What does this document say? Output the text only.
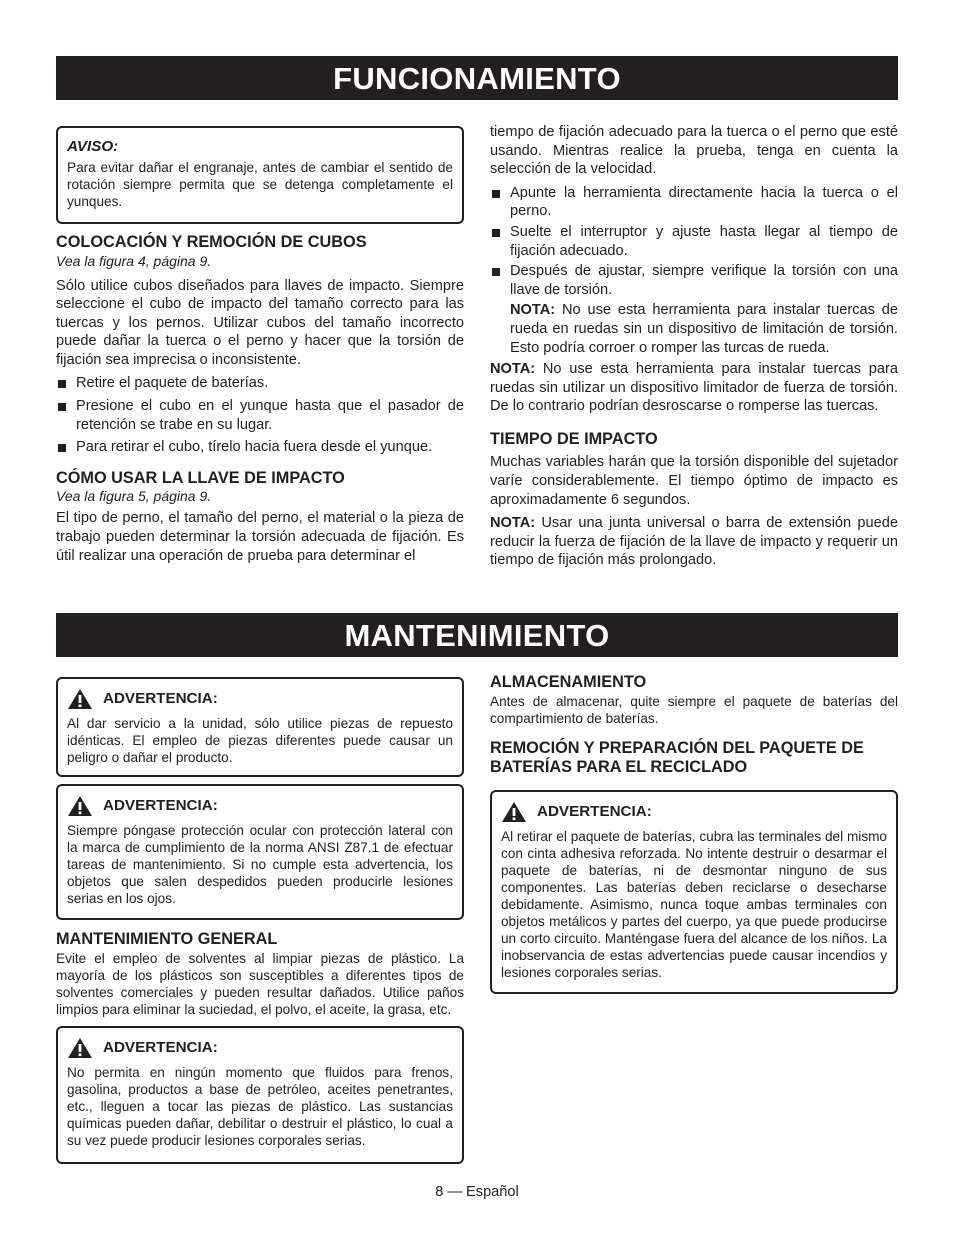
FUNCIONAMIENTO
AVISO:

Para evitar dañar el engranaje, antes de cambiar el sentido de rotación siempre permita que se detenga completamente el yunques.

COLOCACIÓN Y REMOCIÓN DE CUBOS

Vea la figura 4, página 9.

Sólo utilice cubos diseñados para llaves de impacto. Siempre seleccione el cubo de impacto del tamaño correcto para las tuercas y los pernos. Utilizar cubos del tamaño incorrecto puede dañar la tuerca o el perno y hacer que la torsión de fijación sea imprecisa o inconsistente.

Retire el paquete de baterías.
Presione el cubo en el yunque hasta que el pasador de retención se trabe en su lugar.
Para retirar el cubo, tírelo hacia fuera desde el yunque.
CÓMO USAR LA LLAVE DE IMPACTO

Vea la figura 5, página 9.

El tipo de perno, el tamaño del perno, el material o la pieza de trabajo pueden determinar la torsión adecuada de fijación. Es útil realizar una operación de prueba para determinar el

tiempo de fijación adecuado para la tuerca o el perno que esté usando. Mientras realice la prueba, tenga en cuenta la selección de la velocidad.

Apunte la herramienta directamente hacia la tuerca o el perno.
Suelte el interruptor y ajuste hasta llegar al tiempo de fijación adecuado.
Después de ajustar, siempre verifique la torsión con una llave de torsión.

NOTA: No use esta herramienta para instalar tuercas de rueda en ruedas sin un dispositivo de limitación de torsión. Esto podría corroer o romper las turcas de rueda.

NOTA: No use esta herramienta para instalar tuercas para ruedas sin utilizar un dispositivo limitador de fuerza de torsión. De lo contrario podrían desroscarse o romperse las tuercas.

TIEMPO DE IMPACTO

Muchas variables harán que la torsión disponible del sujetador varíe considerablemente. El tiempo óptimo de impacto es aproximadamente 6 segundos.

NOTA: Usar una junta universal o barra de extensión puede reducir la fuerza de fijación de la llave de impacto y requerir un tiempo de fijación más prolongado.

MANTENIMIENTO
ADVERTENCIA:

Al dar servicio a la unidad, sólo utilice piezas de repuesto idénticas. El empleo de piezas diferentes puede causar un peligro o dañar el producto.

ADVERTENCIA:

Siempre póngase protección ocular con protección lateral con la marca de cumplimiento de la norma ANSI Z87.1 de efectuar tareas de mantenimiento. Si no cumple esta advertencia, los objetos que salen despedidos pueden producirle lesiones serias en los ojos.

MANTENIMIENTO GENERAL

Evite el empleo de solventes al limpiar piezas de plástico. La mayoría de los plásticos son susceptibles a diferentes tipos de solventes comerciales y pueden resultar dañados. Utilice paños limpios para eliminar la suciedad, el polvo, el aceite, la grasa, etc.

ADVERTENCIA:

No permita en ningún momento que fluidos para frenos, gasolina, productos a base de petróleo, aceites penetrantes, etc., lleguen a tocar las piezas de plástico. Las sustancias químicas pueden dañar, debilitar o destruir el plástico, lo cual a su vez puede producir lesiones corporales serias.

ALMACENAMIENTO

Antes de almacenar, quite siempre el paquete de baterías del compartimiento de baterías.

REMOCIÓN Y PREPARACIÓN DEL PAQUETE DE BATERÍAS PARA EL RECICLADO
ADVERTENCIA:

Al retirar el paquete de baterías, cubra las terminales del mismo con cinta adhesiva reforzada. No intente destruir o desarmar el paquete de baterías, ni de desmontar ninguno de sus componentes. Las baterías deben reciclarse o desecharse debidamente. Asimismo, nunca toque ambas terminales con objetos metálicos y partes del cuerpo, ya que puede producirse un corto circuito. Manténgase fuera del alcance de los niños. La inobservancia de estas advertencias puede causar incendios y lesiones corporales serias.

8 — Español
